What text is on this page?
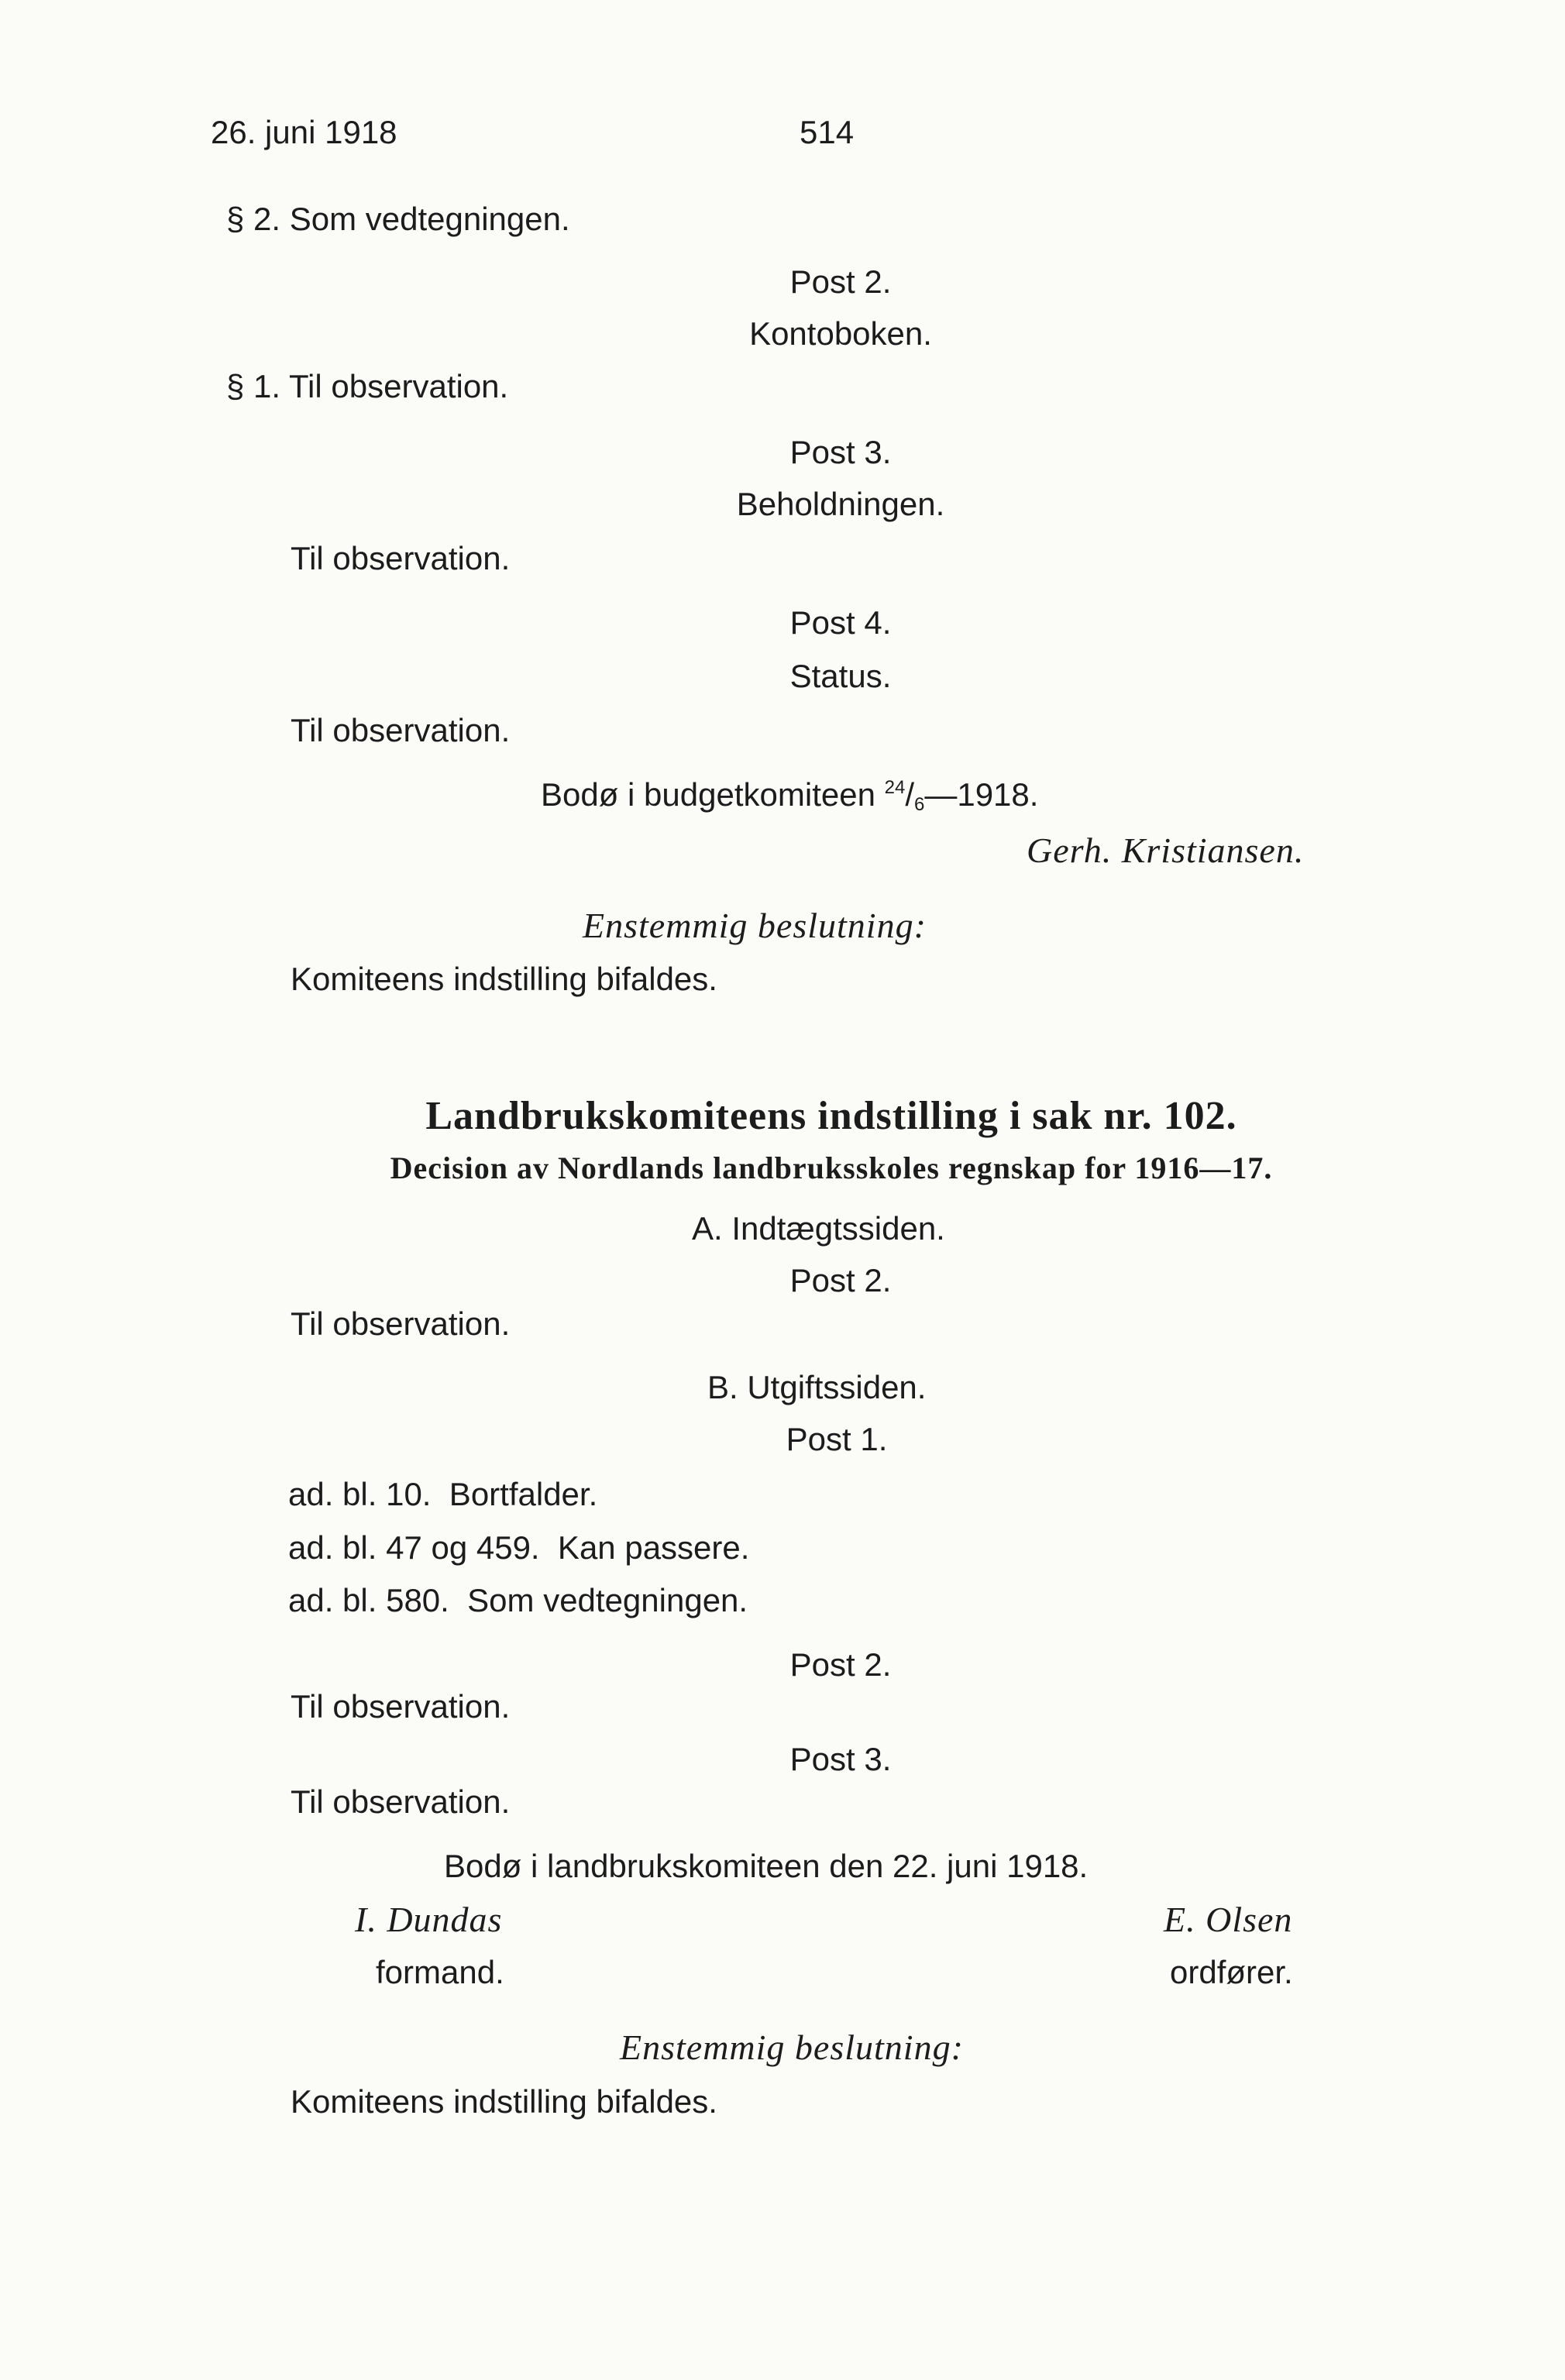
26. juni 1918	514
§ 2. Som vedtegningen.
Post 2.
Kontoboken.
§ 1. Til observation.
Post 3.
Beholdningen.
Til observation.
Post 4.
Status.
Til observation.
Bodø i budgetkomiteen $^{24}/_6—1918$.
Gerh. Kristiansen.
Enstemmig beslutning:
Komiteens indstilling bifaldes.
Landbrukskomiteens indstilling i sak nr. 102.
Decision av Nordlands landbruksskoles regnskap for 1916—17.
A. Indtægtssiden.
Post 2.
Til observation.
B. Utgiftssiden.
Post 1.
ad. bl. 10.  Bortfalder.
ad. bl. 47 og 459.  Kan passere.
ad. bl. 580.  Som vedtegningen.
Post 2.
Til observation.
Post 3.
Til observation.
Bodø i landbrukskomiteen den 22. juni 1918.
I. Dundas
formand.
E. Olsen
ordfører.
Enstemmig beslutning:
Komiteens indstilling bifaldes.
